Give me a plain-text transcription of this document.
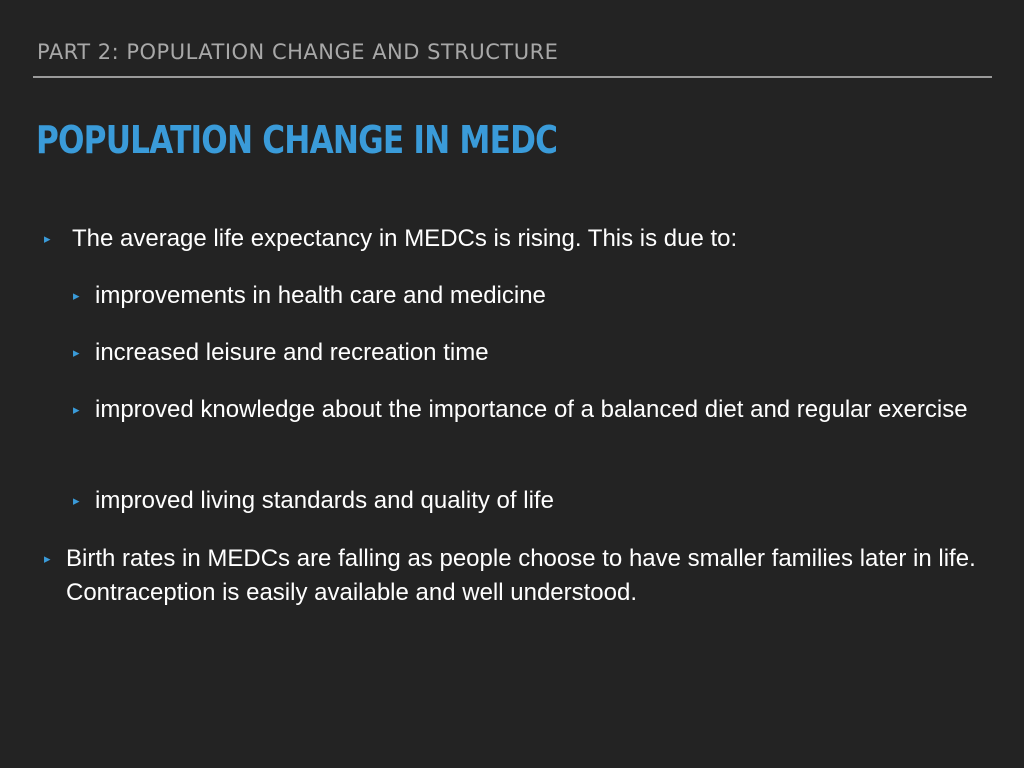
PART 2: POPULATION CHANGE AND STRUCTURE
POPULATION CHANGE IN MEDC
▸ The average life expectancy in MEDCs is rising. This is due to:
▸ improvements in health care and medicine
▸ increased leisure and recreation time
▸ improved knowledge about the importance of a balanced diet and regular exercise
▸ improved living standards and quality of life
▸ Birth rates in MEDCs are falling as people choose to have smaller families later in life. Contraception is easily available and well understood.
